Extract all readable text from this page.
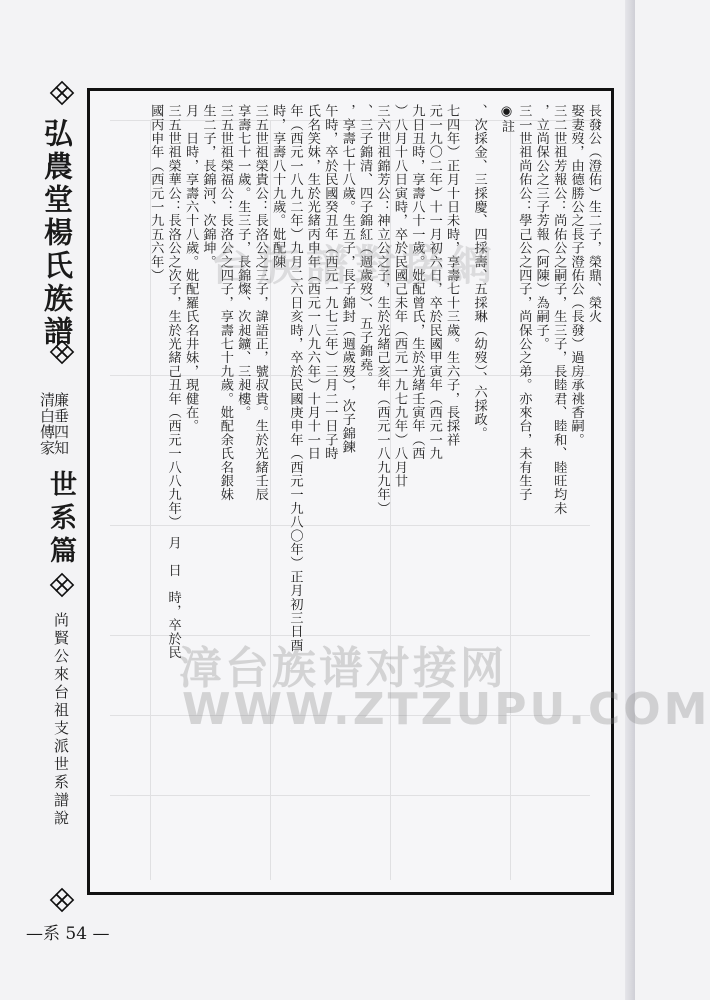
弘農堂楊氏族譜
廉垂四知
清白傳家
世系篇
尚賢公來台祖支派世系譜說
—系 54 —

長發公（澄佑）生二子，榮鼎、榮火

娶妻歿，由德勝公之長子澄佑公（長發）過房承祧香嗣。

三二世祖芳報公：尚佑公之嗣子，生三子，長睦君、睦和、睦旺均未

，立尚保公之三子芳報（阿陳）為嗣子。

三一世祖尚佑公：學己公之四子，尚保公之弟。亦來台，未有生子

◉註

、次採金、三採慶、四採壽、五採琳（幼歿）、六採政。

七四年）正月十日未時，享壽七十三歲。生六子，長採祥

元一九〇二年）十一月初六日，卒於民國甲寅年（西元一九

九日丑時，享壽八十一歲。妣配曾氏，生於光緒壬寅年（西

）八月十八日寅時，卒於民國己未年（西元一九七九年）八月廿

三六世祖錦芳公：神立公之子，生於光緒己亥年（西元一八九九年）

、三子錦清、四子錦紅（週歲歿）、五子錦堯。

，享壽七十八歲。生五子，長子錦封（週歲歿），次子錦鍊

午時，卒於民國癸丑年（西元一九七三年）三月二一日子時

氏名笑妹，生於光緒丙申年（西元一八九六年）十月十一日

年（西元一八九二年）九月二六日亥時，卒於民國庚申年（西元一九八〇年）正月初三日酉時，享壽八十九歲。妣配陳

三五世祖榮貴公：長洛公之三子，諱語正，號叔貴。生於光緒壬辰

享壽七十一歲。生三子，長錦燦、次昶鑛、三昶樓。

三五世祖榮福公：長洛公之四子，享壽七十九歲。妣配余氏名銀妹

生二子，長錦河、次錦坤。

月　日時，享壽六十八歲。妣配羅氏名井妹，現健在。

三五世祖榮華公：長洛公之次子，生於光緒己丑年（西元一八八九年）　月　日　時，卒於民國丙申年（西元一九五六年）	台族譜對接網
漳台族谱对接网
WWW.ZTZUPU.COM
